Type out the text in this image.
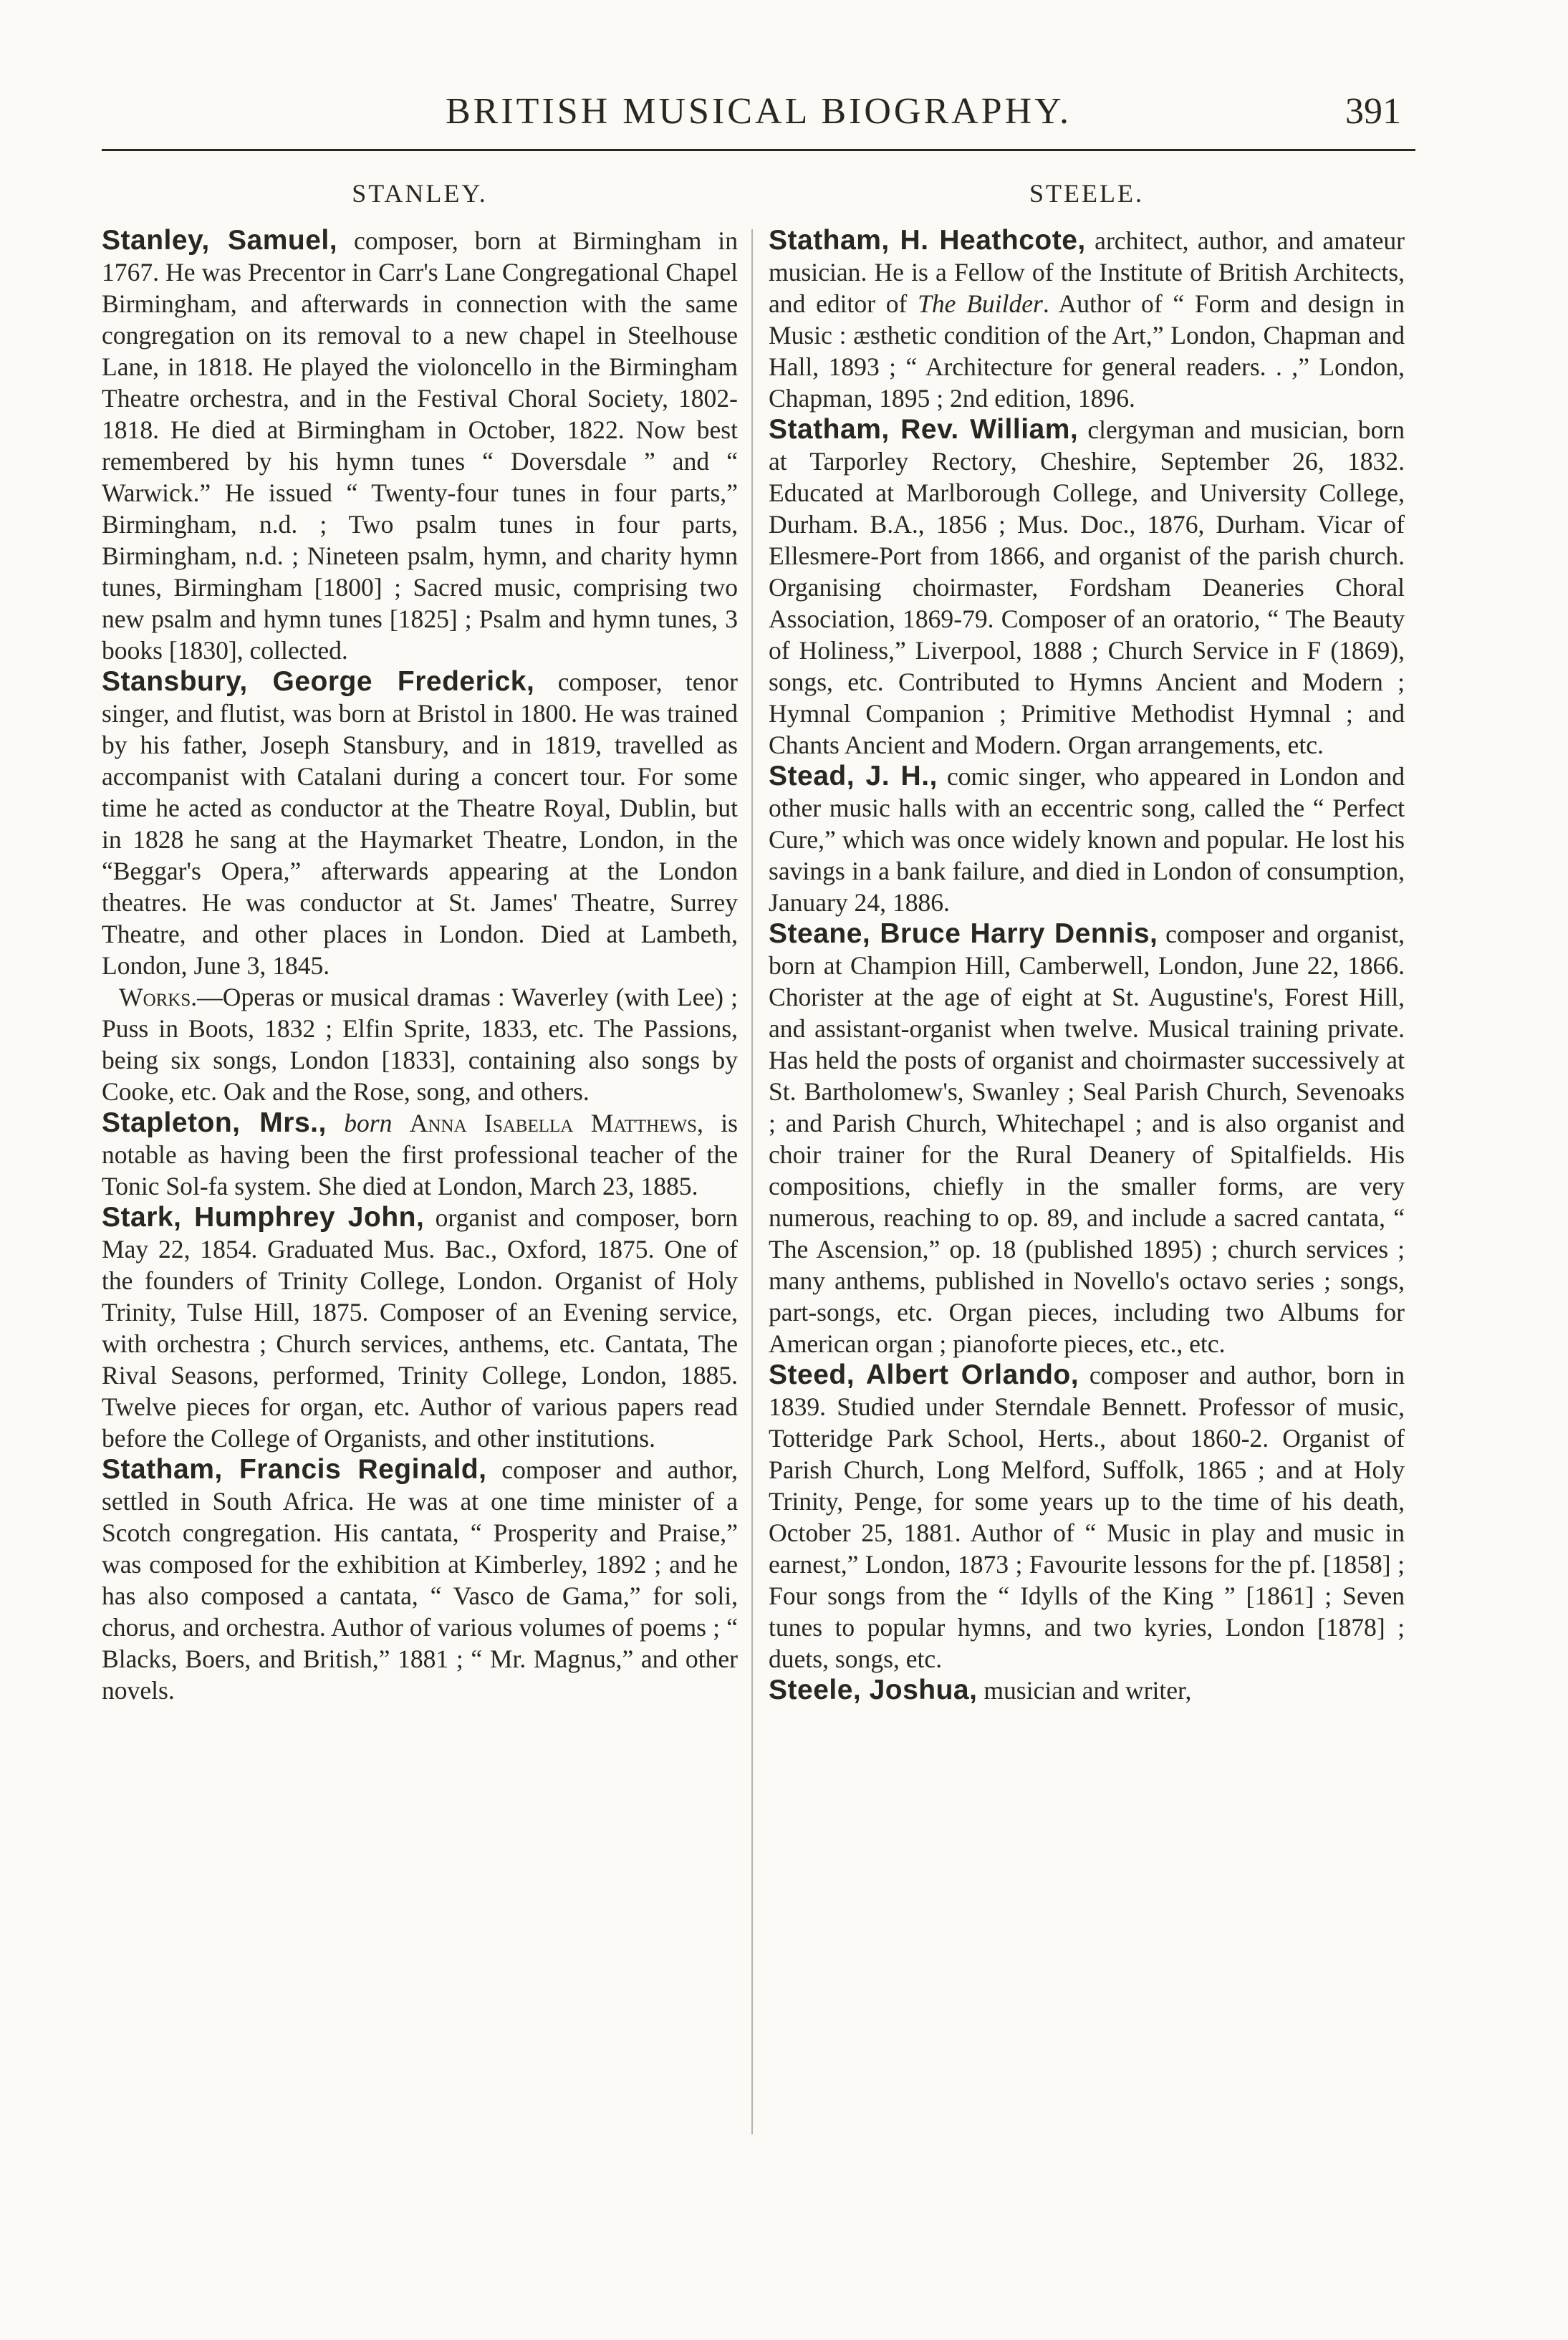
BRITISH MUSICAL BIOGRAPHY.	391
STANLEY.

Stanley, Samuel, composer, born at Birmingham in 1767. He was Precentor in Carr's Lane Congregational Chapel Birmingham, and afterwards in connection with the same congregation on its removal to a new chapel in Steelhouse Lane, in 1818. He played the violoncello in the Birmingham Theatre orchestra, and in the Festival Choral Society, 1802-1818. He died at Birmingham in October, 1822. Now best remembered by his hymn tunes “ Doversdale ” and “ Warwick.” He issued “ Twenty-four tunes in four parts,” Birmingham, n.d. ; Two psalm tunes in four parts, Birmingham, n.d. ; Nineteen psalm, hymn, and charity hymn tunes, Birmingham [1800] ; Sacred music, comprising two new psalm and hymn tunes [1825] ; Psalm and hymn tunes, 3 books [1830], collected.

Stansbury, George Frederick, composer, tenor singer, and flutist, was born at Bristol in 1800. He was trained by his father, Joseph Stansbury, and in 1819, travelled as accompanist with Catalani during a concert tour. For some time he acted as conductor at the Theatre Royal, Dublin, but in 1828 he sang at the Haymarket Theatre, London, in the “Beggar's Opera,” afterwards appearing at the London theatres. He was conductor at St. James' Theatre, Surrey Theatre, and other places in London. Died at Lambeth, London, June 3, 1845.

Works.—Operas or musical dramas : Waverley (with Lee) ; Puss in Boots, 1832 ; Elfin Sprite, 1833, etc. The Passions, being six songs, London [1833], containing also songs by Cooke, etc. Oak and the Rose, song, and others.

Stapleton, Mrs., born Anna Isabella Matthews, is notable as having been the first professional teacher of the Tonic Sol-fa system. She died at London, March 23, 1885.

Stark, Humphrey John, organist and composer, born May 22, 1854. Graduated Mus. Bac., Oxford, 1875. One of the founders of Trinity College, London. Organist of Holy Trinity, Tulse Hill, 1875. Composer of an Evening service, with orchestra ; Church services, anthems, etc. Cantata, The Rival Seasons, performed, Trinity College, London, 1885. Twelve pieces for organ, etc. Author of various papers read before the College of Organists, and other institutions.

Statham, Francis Reginald, composer and author, settled in South Africa. He was at one time minister of a Scotch congregation. His cantata, “ Prosperity and Praise,” was composed for the exhibition at Kimberley, 1892 ; and he has also composed a cantata, “ Vasco de Gama,” for soli, chorus, and orchestra. Author of various volumes of poems ; “ Blacks, Boers, and British,” 1881 ; “ Mr. Magnus,” and other novels.

STEELE.

Statham, H. Heathcote, architect, author, and amateur musician. He is a Fellow of the Institute of British Architects, and editor of The Builder. Author of “ Form and design in Music : æsthetic condition of the Art,” London, Chapman and Hall, 1893 ; “ Architecture for general readers. . ,” London, Chapman, 1895 ; 2nd edition, 1896.

Statham, Rev. William, clergyman and musician, born at Tarporley Rectory, Cheshire, September 26, 1832. Educated at Marlborough College, and University College, Durham. B.A., 1856 ; Mus. Doc., 1876, Durham. Vicar of Ellesmere-Port from 1866, and organist of the parish church. Organising choirmaster, Fordsham Deaneries Choral Association, 1869-79. Composer of an oratorio, “ The Beauty of Holiness,” Liverpool, 1888 ; Church Service in F (1869), songs, etc. Contributed to Hymns Ancient and Modern ; Hymnal Companion ; Primitive Methodist Hymnal ; and Chants Ancient and Modern. Organ arrangements, etc.

Stead, J. H., comic singer, who appeared in London and other music halls with an eccentric song, called the “ Perfect Cure,” which was once widely known and popular. He lost his savings in a bank failure, and died in London of consumption, January 24, 1886.

Steane, Bruce Harry Dennis, composer and organist, born at Champion Hill, Camberwell, London, June 22, 1866. Chorister at the age of eight at St. Augustine's, Forest Hill, and assistant-organist when twelve. Musical training private. Has held the posts of organist and choirmaster successively at St. Bartholomew's, Swanley ; Seal Parish Church, Sevenoaks ; and Parish Church, Whitechapel ; and is also organist and choir trainer for the Rural Deanery of Spitalfields. His compositions, chiefly in the smaller forms, are very numerous, reaching to op. 89, and include a sacred cantata, “ The Ascension,” op. 18 (published 1895) ; church services ; many anthems, published in Novello's octavo series ; songs, part-songs, etc. Organ pieces, including two Albums for American organ ; pianoforte pieces, etc., etc.

Steed, Albert Orlando, composer and author, born in 1839. Studied under Sterndale Bennett. Professor of music, Totteridge Park School, Herts., about 1860-2. Organist of Parish Church, Long Melford, Suffolk, 1865 ; and at Holy Trinity, Penge, for some years up to the time of his death, October 25, 1881. Author of “ Music in play and music in earnest,” London, 1873 ; Favourite lessons for the pf. [1858] ; Four songs from the “ Idylls of the King ” [1861] ; Seven tunes to popular hymns, and two kyries, London [1878] ; duets, songs, etc.

Steele, Joshua, musician and writer,
